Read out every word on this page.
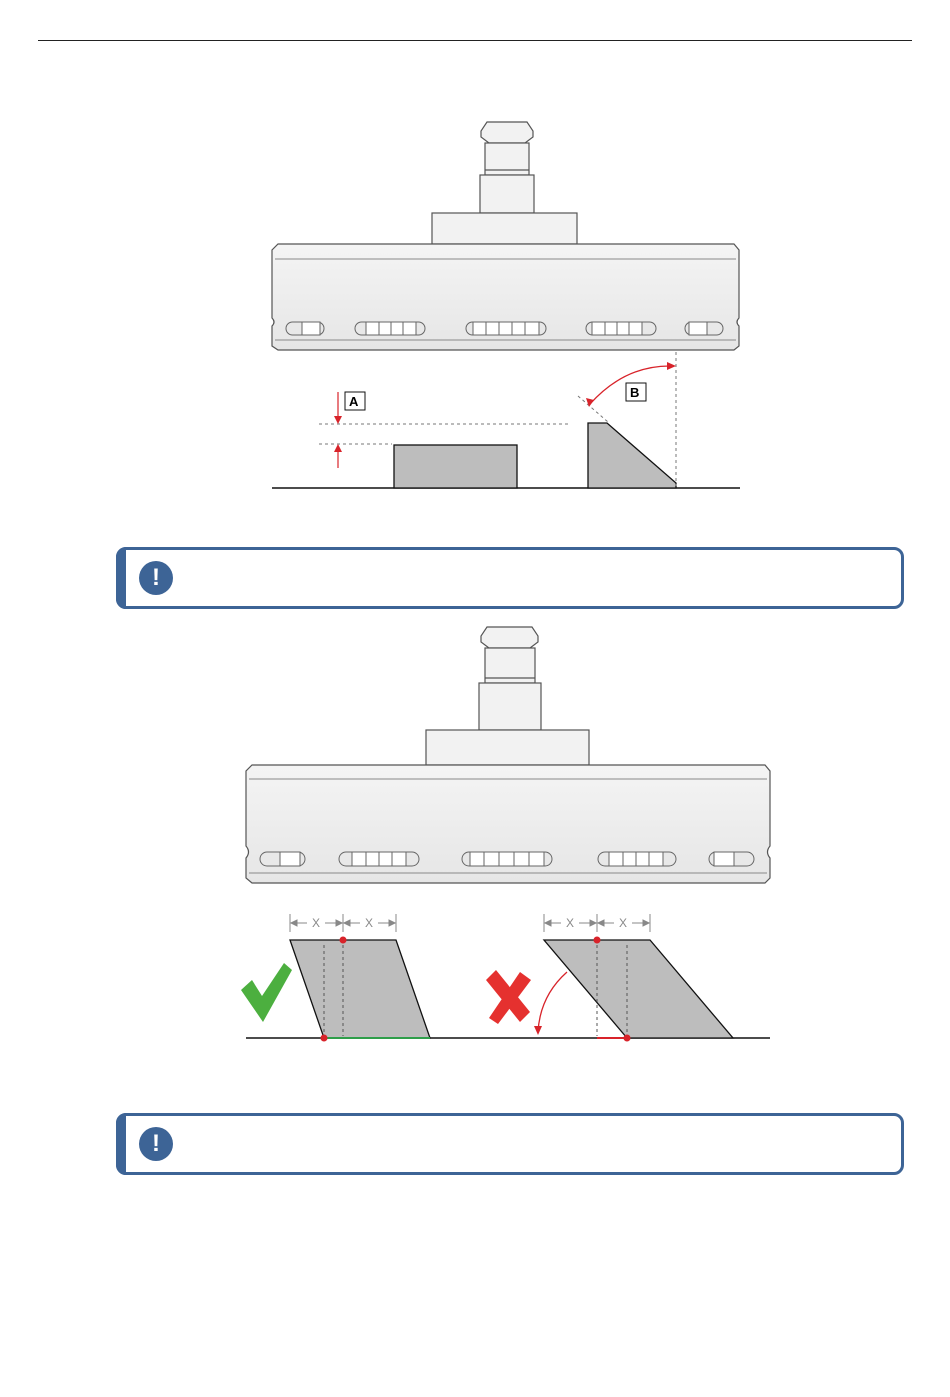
A
B
!
X	X	X	X
!
